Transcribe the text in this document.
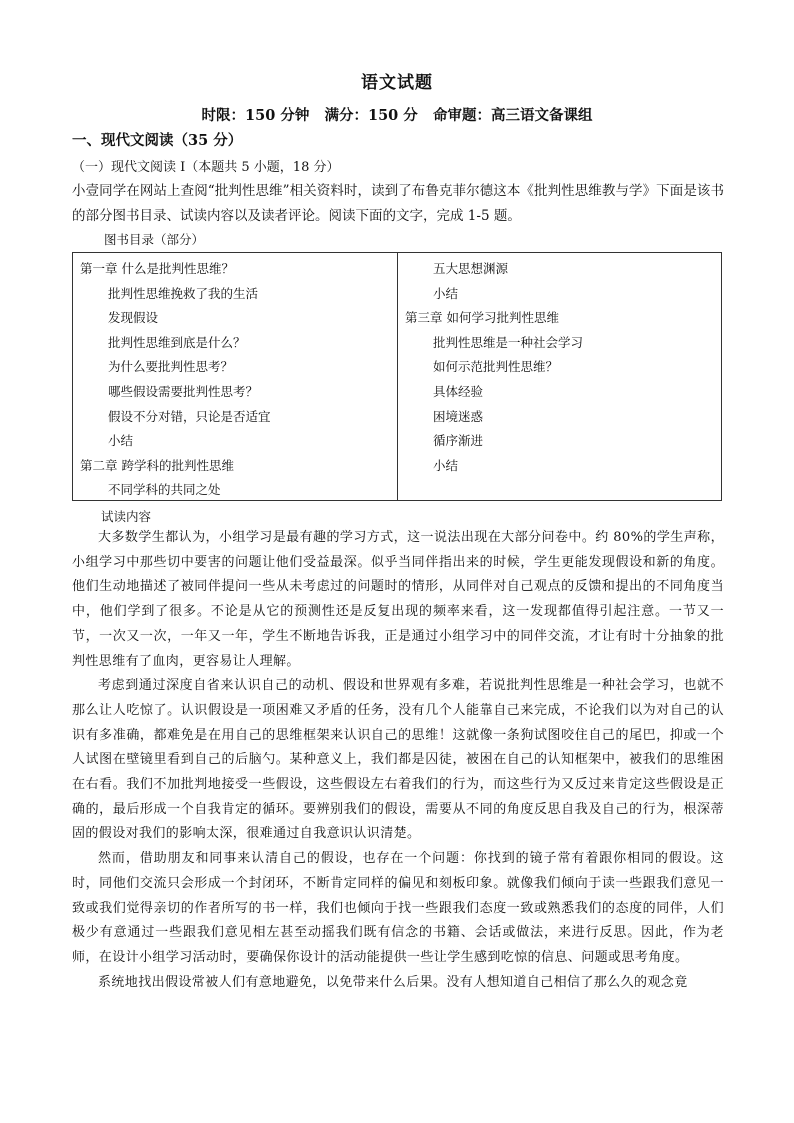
语文试题
时限：150 分钟   满分：150 分   命审题：高三语文备课组
一、现代文阅读（35 分）
（一）现代文阅读 I（本题共 5 小题，18 分）
小壹同学在网站上查阅“批判性思维”相关资料时，读到了布鲁克菲尔德这本《批判性思维教与学》下面是该书的部分图书目录、试读内容以及读者评论。阅读下面的文字，完成 1-5 题。
图书目录（部分）
第一章 什么是批判性思维？
批判性思维挽救了我的生活
发现假设
批判性思维到底是什么？
为什么要批判性思考？
哪些假设需要批判性思考？
假设不分对错，只论是否适宜
小结
第二章 跨学科的批判性思维
不同学科的共同之处
五大思想渊源
小结
第三章 如何学习批判性思维
批判性思维是一种社会学习
如何示范批判性思维？
具体经验
困境迷惑
循序渐进
小结
试读内容

大多数学生都认为，小组学习是最有趣的学习方式，这一说法出现在大部分问卷中。约 80%的学生声称，小组学习中那些切中要害的问题让他们受益最深。似乎当同伴指出来的时候，学生更能发现假设和新的角度。他们生动地描述了被同伴提问一些从未考虑过的问题时的情形，从同伴对自己观点的反馈和提出的不同角度当中，他们学到了很多。不论是从它的预测性还是反复出现的频率来看，这一发现都值得引起注意。一节又一节，一次又一次，一年又一年，学生不断地告诉我，正是通过小组学习中的同伴交流，才让有时十分抽象的批判性思维有了血肉，更容易让人理解。

考虑到通过深度自省来认识自己的动机、假设和世界观有多难，若说批判性思维是一种社会学习，也就不那么让人吃惊了。认识假设是一项困难又矛盾的任务，没有几个人能靠自己来完成，不论我们以为对自己的认识有多准确，都难免是在用自己的思维框架来认识自己的思维！这就像一条狗试图咬住自己的尾巴，抑或一个人试图在壁镜里看到自己的后脑勺。某种意义上，我们都是囚徒，被困在自己的认知框架中，被我们的思维困在右看。我们不加批判地接受一些假设，这些假设左右着我们的行为，而这些行为又反过来肯定这些假设是正确的，最后形成一个自我肯定的循环。要辨别我们的假设，需要从不同的角度反思自我及自己的行为，根深蒂固的假设对我们的影响太深，很难通过自我意识认识清楚。

然而，借助朋友和同事来认清自己的假设，也存在一个问题：你找到的镜子常有着跟你相同的假设。这时，同他们交流只会形成一个封闭环，不断肯定同样的偏见和刻板印象。就像我们倾向于读一些跟我们意见一致或我们觉得亲切的作者所写的书一样，我们也倾向于找一些跟我们态度一致或熟悉我们的态度的同伴，人们极少有意通过一些跟我们意见相左甚至动摇我们既有信念的书籍、会话或做法，来进行反思。因此，作为老师，在设计小组学习活动时，要确保你设计的活动能提供一些让学生感到吃惊的信息、问题或思考角度。

系统地找出假设常被人们有意地避免，以免带来什么后果。没有人想知道自己相信了那么久的观念竟
